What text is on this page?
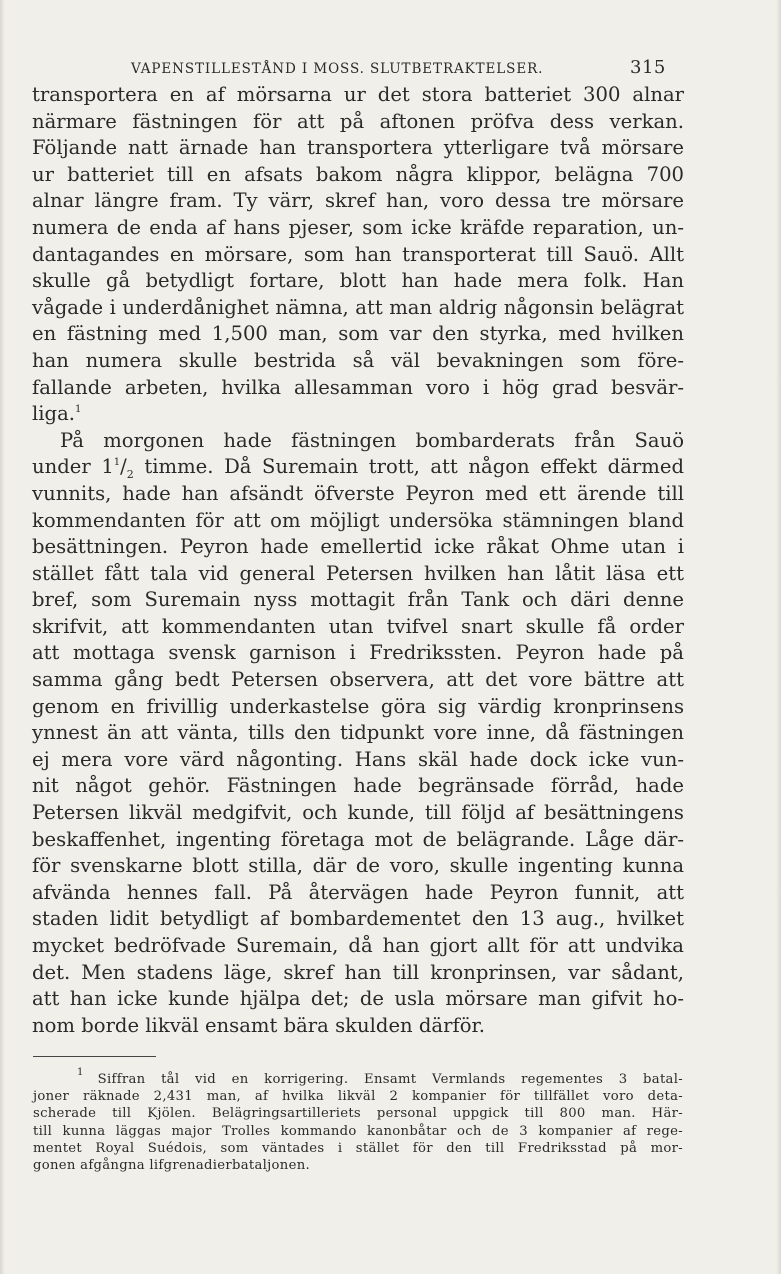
VAPENSTILLESTÅND I MOSS. SLUTBETRAKTELSER.	315
transportera en af mörsarna ur det stora batteriet 300 alnar
närmare fästningen för att på aftonen pröfva dess verkan.
Följande natt ärnade han transportera ytterligare två mörsare
ur batteriet till en afsats bakom några klippor, belägna 700
alnar längre fram. Ty värr, skref han, voro dessa tre mörsare
numera de enda af hans pjeser, som icke kräfde reparation, un-
dantagandes en mörsare, som han transporterat till Sauö. Allt
skulle gå betydligt fortare, blott han hade mera folk. Han
vågade i underdånighet nämna, att man aldrig någonsin belägrat
en fästning med 1,500 man, som var den styrka, med hvilken
han numera skulle bestrida så väl bevakningen som före-
fallande arbeten, hvilka allesamman voro i hög grad besvär-
liga.$^1$
På morgonen hade fästningen bombarderats från Sauö
under $1^1/_2$ timme. Då Suremain trott, att någon effekt därmed
vunnits, hade han afsändt öfverste Peyron med ett ärende till
kommendanten för att om möjligt undersöka stämningen bland
besättningen. Peyron hade emellertid icke råkat Ohme utan i
stället fått tala vid general Petersen hvilken han låtit läsa ett
bref, som Suremain nyss mottagit från Tank och däri denne
skrifvit, att kommendanten utan tvifvel snart skulle få order
att mottaga svensk garnison i Fredrikssten. Peyron hade på
samma gång bedt Petersen observera, att det vore bättre att
genom en frivillig underkastelse göra sig värdig kronprinsens
ynnest än att vänta, tills den tidpunkt vore inne, då fästningen
ej mera vore värd någonting. Hans skäl hade dock icke vun-
nit något gehör. Fästningen hade begränsade förråd, hade
Petersen likväl medgifvit, och kunde, till följd af besättningens
beskaffenhet, ingenting företaga mot de belägrande. Låge där-
för svenskarne blott stilla, där de voro, skulle ingenting kunna
afvända hennes fall. På återvägen hade Peyron funnit, att
staden lidit betydligt af bombardementet den 13 aug., hvilket
mycket bedröfvade Suremain, då han gjort allt för att undvika
det. Men stadens läge, skref han till kronprinsen, var sådant,
att han icke kunde hjälpa det; de usla mörsare man gifvit ho-
nom borde likväl ensamt bära skulden därför.
$^1$ Siffran tål vid en korrigering. Ensamt Vermlands regementes 3 batal-
joner räknade 2,431 man, af hvilka likväl 2 kompanier för tillfället voro deta-
scherade till Kjölen. Belägringsartilleriets personal uppgick till 800 man. Här-
till kunna läggas major Trolles kommando kanonbåtar och de 3 kompanier af rege-
mentet Royal Suédois, som väntades i stället för den till Fredriksstad på mor-
gonen afgångna lifgrenadierbataljonen.
